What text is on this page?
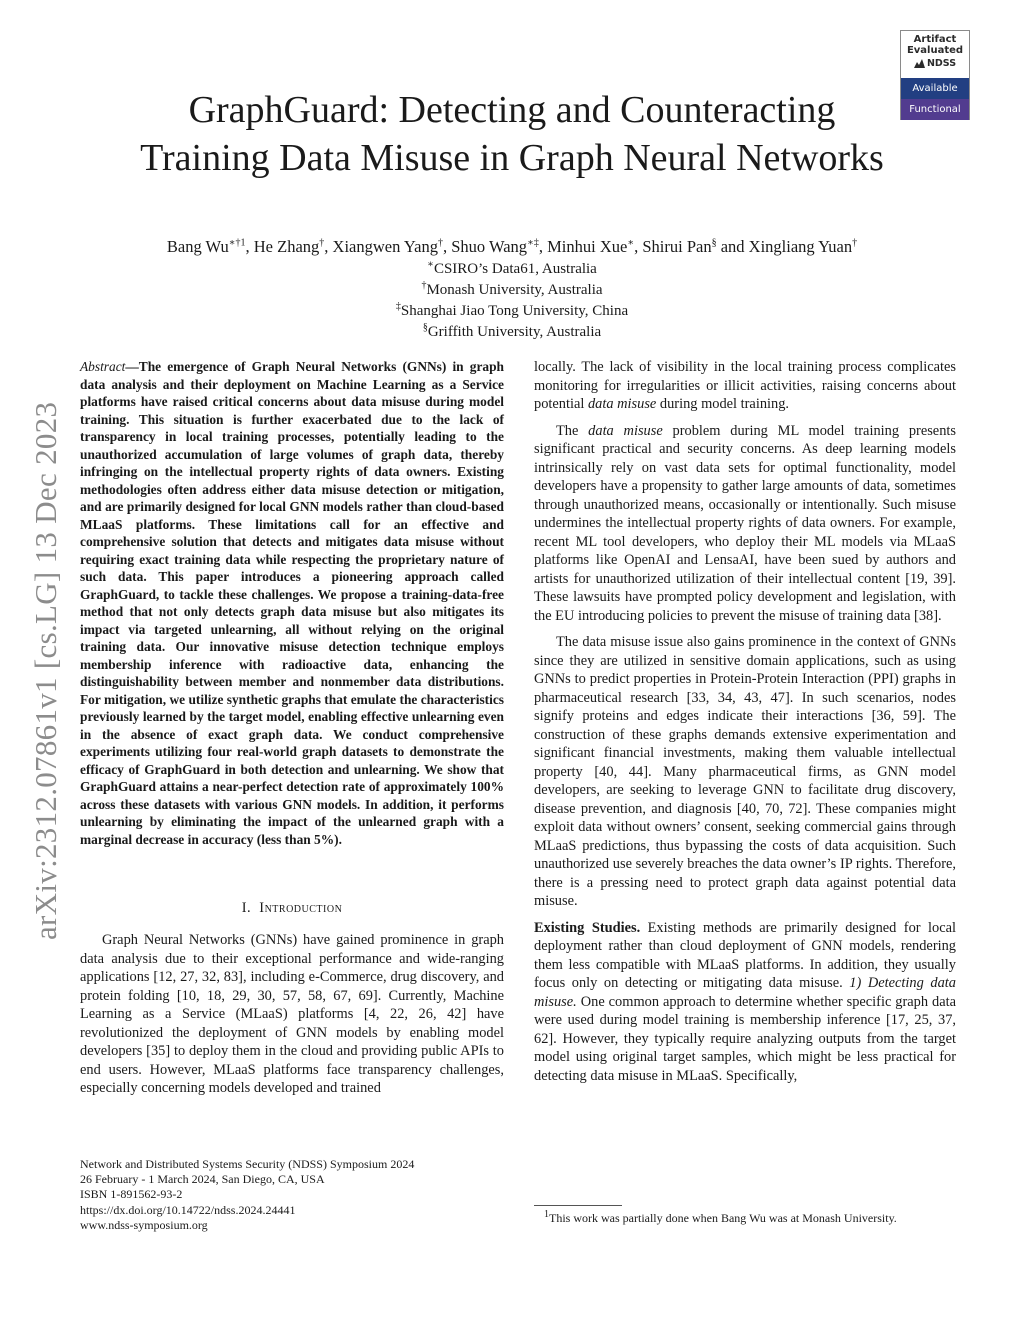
Artifact
Evaluated
NDSS
Available
Functional
GraphGuard: Detecting and Counteracting
Training Data Misuse in Graph Neural Networks
Bang $Wu^{∗\dagger 1}$, He Zhang†, Xiangwen Yang†, Shuo Wang∗‡, Minhui Xue∗, Shirui Pan§ and Xingliang Yuan†
∗CSIRO’s Data61, Australia
†Monash University, Australia
‡Shanghai Jiao Tong University, China
§Griffith University, Australia
arXiv:2312.07861v1 [cs.LG] 13 Dec 2023
Abstract—The emergence of Graph Neural Networks (GNNs) in graph data analysis and their deployment on Machine Learning as a Service platforms have raised critical concerns about data misuse during model training. This situation is further exacerbated due to the lack of transparency in local training processes, potentially leading to the unauthorized accumulation of large volumes of graph data, thereby infringing on the intellectual property rights of data owners. Existing methodologies often address either data misuse detection or mitigation, and are primarily designed for local GNN models rather than cloud-based MLaaS platforms. These limitations call for an effective and comprehensive solution that detects and mitigates data misuse without requiring exact training data while respecting the proprietary nature of such data. This paper introduces a pioneering approach called GraphGuard, to tackle these challenges. We propose a training-data-free method that not only detects graph data misuse but also mitigates its impact via targeted unlearning, all without relying on the original training data. Our innovative misuse detection technique employs membership inference with radioactive data, enhancing the distinguishability between member and nonmember data distributions. For mitigation, we utilize synthetic graphs that emulate the characteristics previously learned by the target model, enabling effective unlearning even in the absence of exact graph data. We conduct comprehensive experiments utilizing four real-world graph datasets to demonstrate the efficacy of GraphGuard in both detection and unlearning. We show that GraphGuard attains a near-perfect detection rate of approximately 100% across these datasets with various GNN models. In addition, it performs unlearning by eliminating the impact of the unlearned graph with a marginal decrease in accuracy (less than 5%).
I. Introduction

Graph Neural Networks (GNNs) have gained prominence in graph data analysis due to their exceptional performance and wide-ranging applications [12, 27, 32, 83], including e-Commerce, drug discovery, and protein folding [10, 18, 29, 30, 57, 58, 67, 69]. Currently, Machine Learning as a Service (MLaaS) platforms [4, 22, 26, 42] have revolutionized the deployment of GNN models by enabling model developers [35] to deploy them in the cloud and providing public APIs to end users. However, MLaaS platforms face transparency challenges, especially concerning models developed and trained

locally. The lack of visibility in the local training process complicates monitoring for irregularities or illicit activities, raising concerns about potential data misuse during model training.

The data misuse problem during ML model training presents significant practical and security concerns. As deep learning models intrinsically rely on vast data sets for optimal functionality, model developers have a propensity to gather large amounts of data, sometimes through unauthorized means, occasionally or intentionally. Such misuse undermines the intellectual property rights of data owners. For example, recent ML tool developers, who deploy their ML models via MLaaS platforms like OpenAI and LensaAI, have been sued by authors and artists for unauthorized utilization of their intellectual content [19, 39]. These lawsuits have prompted policy development and legislation, with the EU introducing policies to prevent the misuse of training data [38].

The data misuse issue also gains prominence in the context of GNNs since they are utilized in sensitive domain applications, such as using GNNs to predict properties in Protein-Protein Interaction (PPI) graphs in pharmaceutical research [33, 34, 43, 47]. In such scenarios, nodes signify proteins and edges indicate their interactions [36, 59]. The construction of these graphs demands extensive experimentation and significant financial investments, making them valuable intellectual property [40, 44]. Many pharmaceutical firms, as GNN model developers, are seeking to leverage GNN to facilitate drug discovery, disease prevention, and diagnosis [40, 70, 72]. These companies might exploit data without owners’ consent, seeking commercial gains through MLaaS predictions, thus bypassing the costs of data acquisition. Such unauthorized use severely breaches the data owner’s IP rights. Therefore, there is a pressing need to protect graph data against potential data misuse.

Existing Studies. Existing methods are primarily designed for local deployment rather than cloud deployment of GNN models, rendering them less compatible with MLaaS platforms. In addition, they usually focus only on detecting or mitigating data misuse. 1) Detecting data misuse. One common approach to determine whether specific graph data were used during model training is membership inference [17, 25, 37, 62]. However, they typically require analyzing outputs from the target model using original target samples, which might be less practical for detecting data misuse in MLaaS. Specifically,

Network and Distributed Systems Security (NDSS) Symposium 2024
26 February - 1 March 2024, San Diego, CA, USA
ISBN 1-891562-93-2
https://dx.doi.org/10.14722/ndss.2024.24441
www.ndss-symposium.org
$^1$This work was partially done when Bang Wu was at Monash University.
